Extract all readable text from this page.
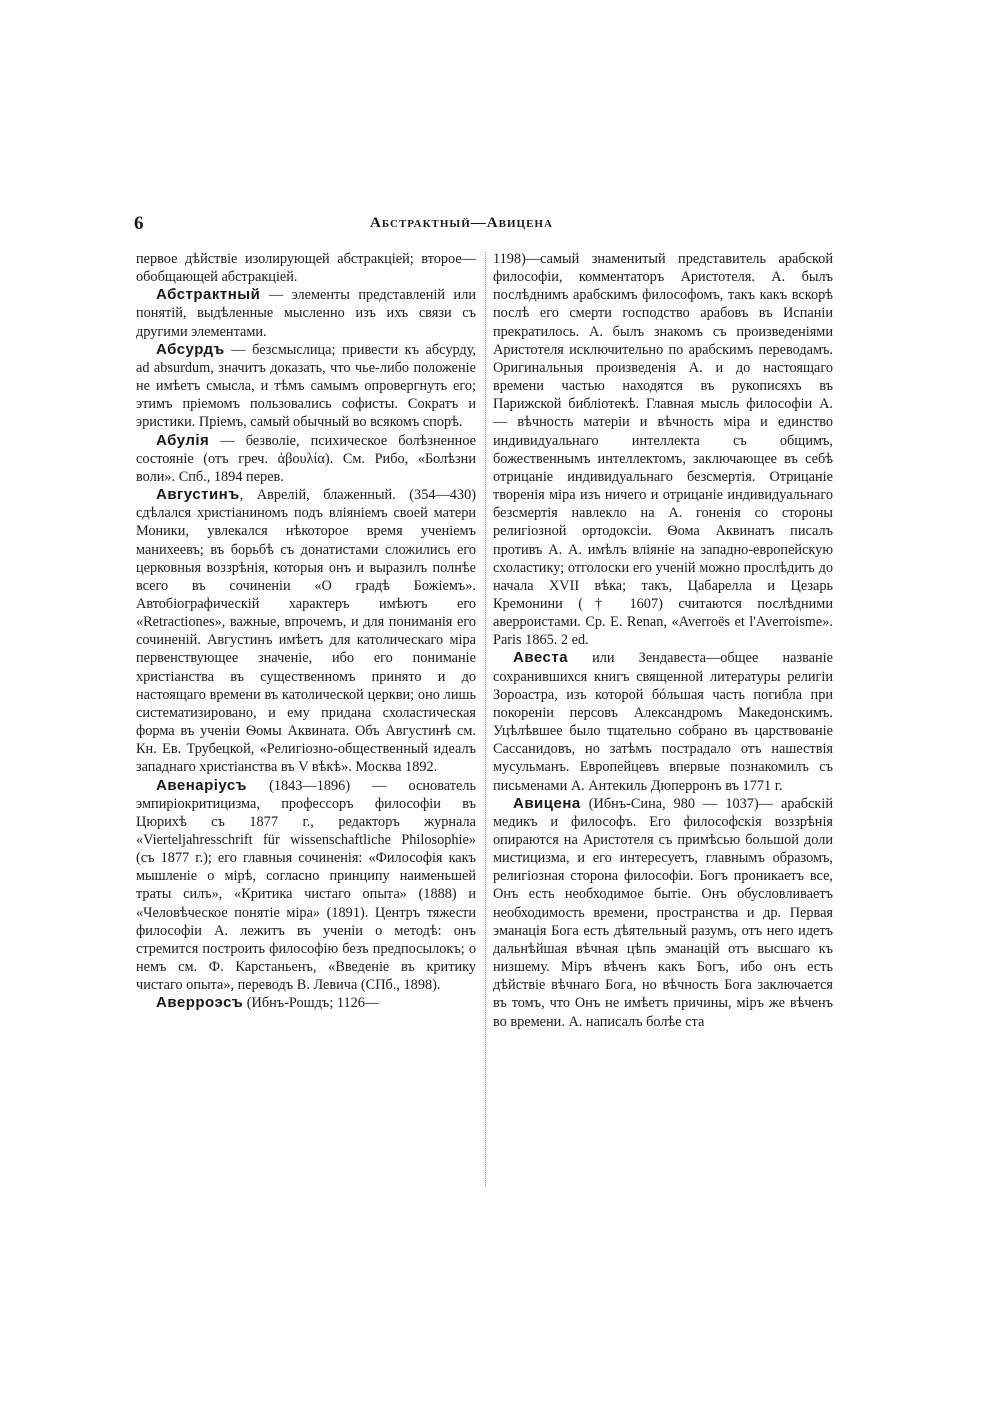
6	Абстрактный—Авицена

первое дѣйствіе изолирующей абстракціей; второе—обобщающей абстракціей.

Абстрактный — элементы представленій или понятій, выдѣленные мысленно изъ ихъ связи съ другими элементами.

Абсурдъ — безсмыслица; привести къ абсурду, ad absurdum, значитъ доказать, что чье-либо положеніе не имѣетъ смысла, и тѣмъ самымъ опровергнуть его; этимъ пріемомъ пользовались софисты. Сократъ и эристики. Пріемъ, самый обычный во всякомъ спорѣ.

Абулія — безволіе, психическое болѣзненное состояніе (отъ греч. ἀβουλία). См. Рибо, «Болѣзни воли». Спб., 1894 перев.

Августинъ, Аврелій, блаженный. (354—430) сдѣлался христіаниномъ подъ вліяніемъ своей матери Моники, увлекался нѣкоторое время ученіемъ манихеевъ; въ борьбѣ съ донатистами сложились его церковныя воззрѣнія, которыя онъ и выразилъ полнѣе всего въ сочиненіи «О градѣ Божіемъ». Автобіографическій характеръ имѣютъ его «Retractiones», важные, впрочемъ, и для пониманія его сочиненій. Августинъ имѣетъ для католическаго міра первенствующее значеніе, ибо его пониманіе христіанства въ существенномъ принято и до настоящаго времени въ католической церкви; оно лишь систематизировано, и ему придана схоластическая форма въ ученіи Ѳомы Аквината. Объ Августинѣ см. Кн. Ев. Трубецкой, «Религіозно-общественный идеалъ западнаго христіанства въ V вѣкѣ». Москва 1892.

Авенаріусъ (1843—1896) — основатель эмпиріокритицизма, профессоръ философіи въ Цюрихѣ съ 1877 г., редакторъ журнала «Vierteljahresschrift für wissenschaftliche Philosophie» (съ 1877 г.); его главныя сочиненія: «Философія какъ мышленіе о мірѣ, согласно принципу наименьшей траты силъ», «Критика чистаго опыта» (1888) и «Человѣческое понятіе міра» (1891). Центръ тяжести философіи А. лежитъ въ ученіи о методѣ: онъ стремится построить философію безъ предпосылокъ; о немъ см. Ф. Карстаньенъ, «Введеніе въ критику чистаго опыта», переводъ В. Левича (СПб., 1898).

Аверроэсъ (Ибнъ-Рошдъ; 1126—

1198)—самый знаменитый представитель арабской философіи, комментаторъ Аристотеля. А. былъ послѣднимъ арабскимъ философомъ, такъ какъ вскорѣ послѣ его смерти господство арабовъ въ Испаніи прекратилось. А. былъ знакомъ съ произведеніями Аристотеля исключительно по арабскимъ переводамъ. Оригинальныя произведенія А. и до настоящаго времени частью находятся въ рукописяхъ въ Парижской библіотекѣ. Главная мысль философіи А. — вѣчность матеріи и вѣчность міра и единство индивидуальнаго интеллекта съ общимъ, божественнымъ интеллектомъ, заключающее въ себѣ отрицаніе индивидуальнаго безсмертія. Отрицаніе творенія міра изъ ничего и отрицаніе индивидуальнаго безсмертія навлекло на А. гоненія со стороны религіозной ортодоксіи. Ѳома Аквинатъ писалъ противъ А. А. имѣлъ вліяніе на западно-европейскую схоластику; отголоски его ученій можно прослѣдить до начала XVII вѣка; такъ, Цабарелла и Цезарь Кремонини († 1607) считаются послѣдними аверроистами. Ср. E. Renan, «Averroës et l'Averroisme». Paris 1865. 2 ed.

Авеста или Зендавеста—общее названіе сохранившихся книгъ священной литературы религіи Зороастра, изъ которой бóльшая часть погибла при покореніи персовъ Александромъ Македонскимъ. Уцѣлѣвшее было тщательно собрано въ царствованіе Сассанидовъ, но затѣмъ пострадало отъ нашествія мусульманъ. Европейцевъ впервые познакомилъ съ письменами А. Антекиль Дюперронъ въ 1771 г.

Авицена (Ибнъ-Сина, 980 — 1037)— арабскій медикъ и философъ. Его философскія воззрѣнія опираются на Аристотеля съ примѣсью большой доли мистицизма, и его интересуетъ, главнымъ образомъ, религіозная сторона философіи. Богъ проникаетъ все, Онъ есть необходимое бытіе. Онъ обусловливаетъ необходимость времени, пространства и др. Первая эманація Бога есть дѣятельный разумъ, отъ него идетъ дальнѣйшая вѣчная цѣпь эманацій отъ высшаго къ низшему. Міръ вѣченъ какъ Богъ, ибо онъ есть дѣйствіе вѣчнаго Бога, но вѣчность Бога заключается въ томъ, что Онъ не имѣетъ причины, міръ же вѣченъ во времени. А. написалъ болѣе ста
